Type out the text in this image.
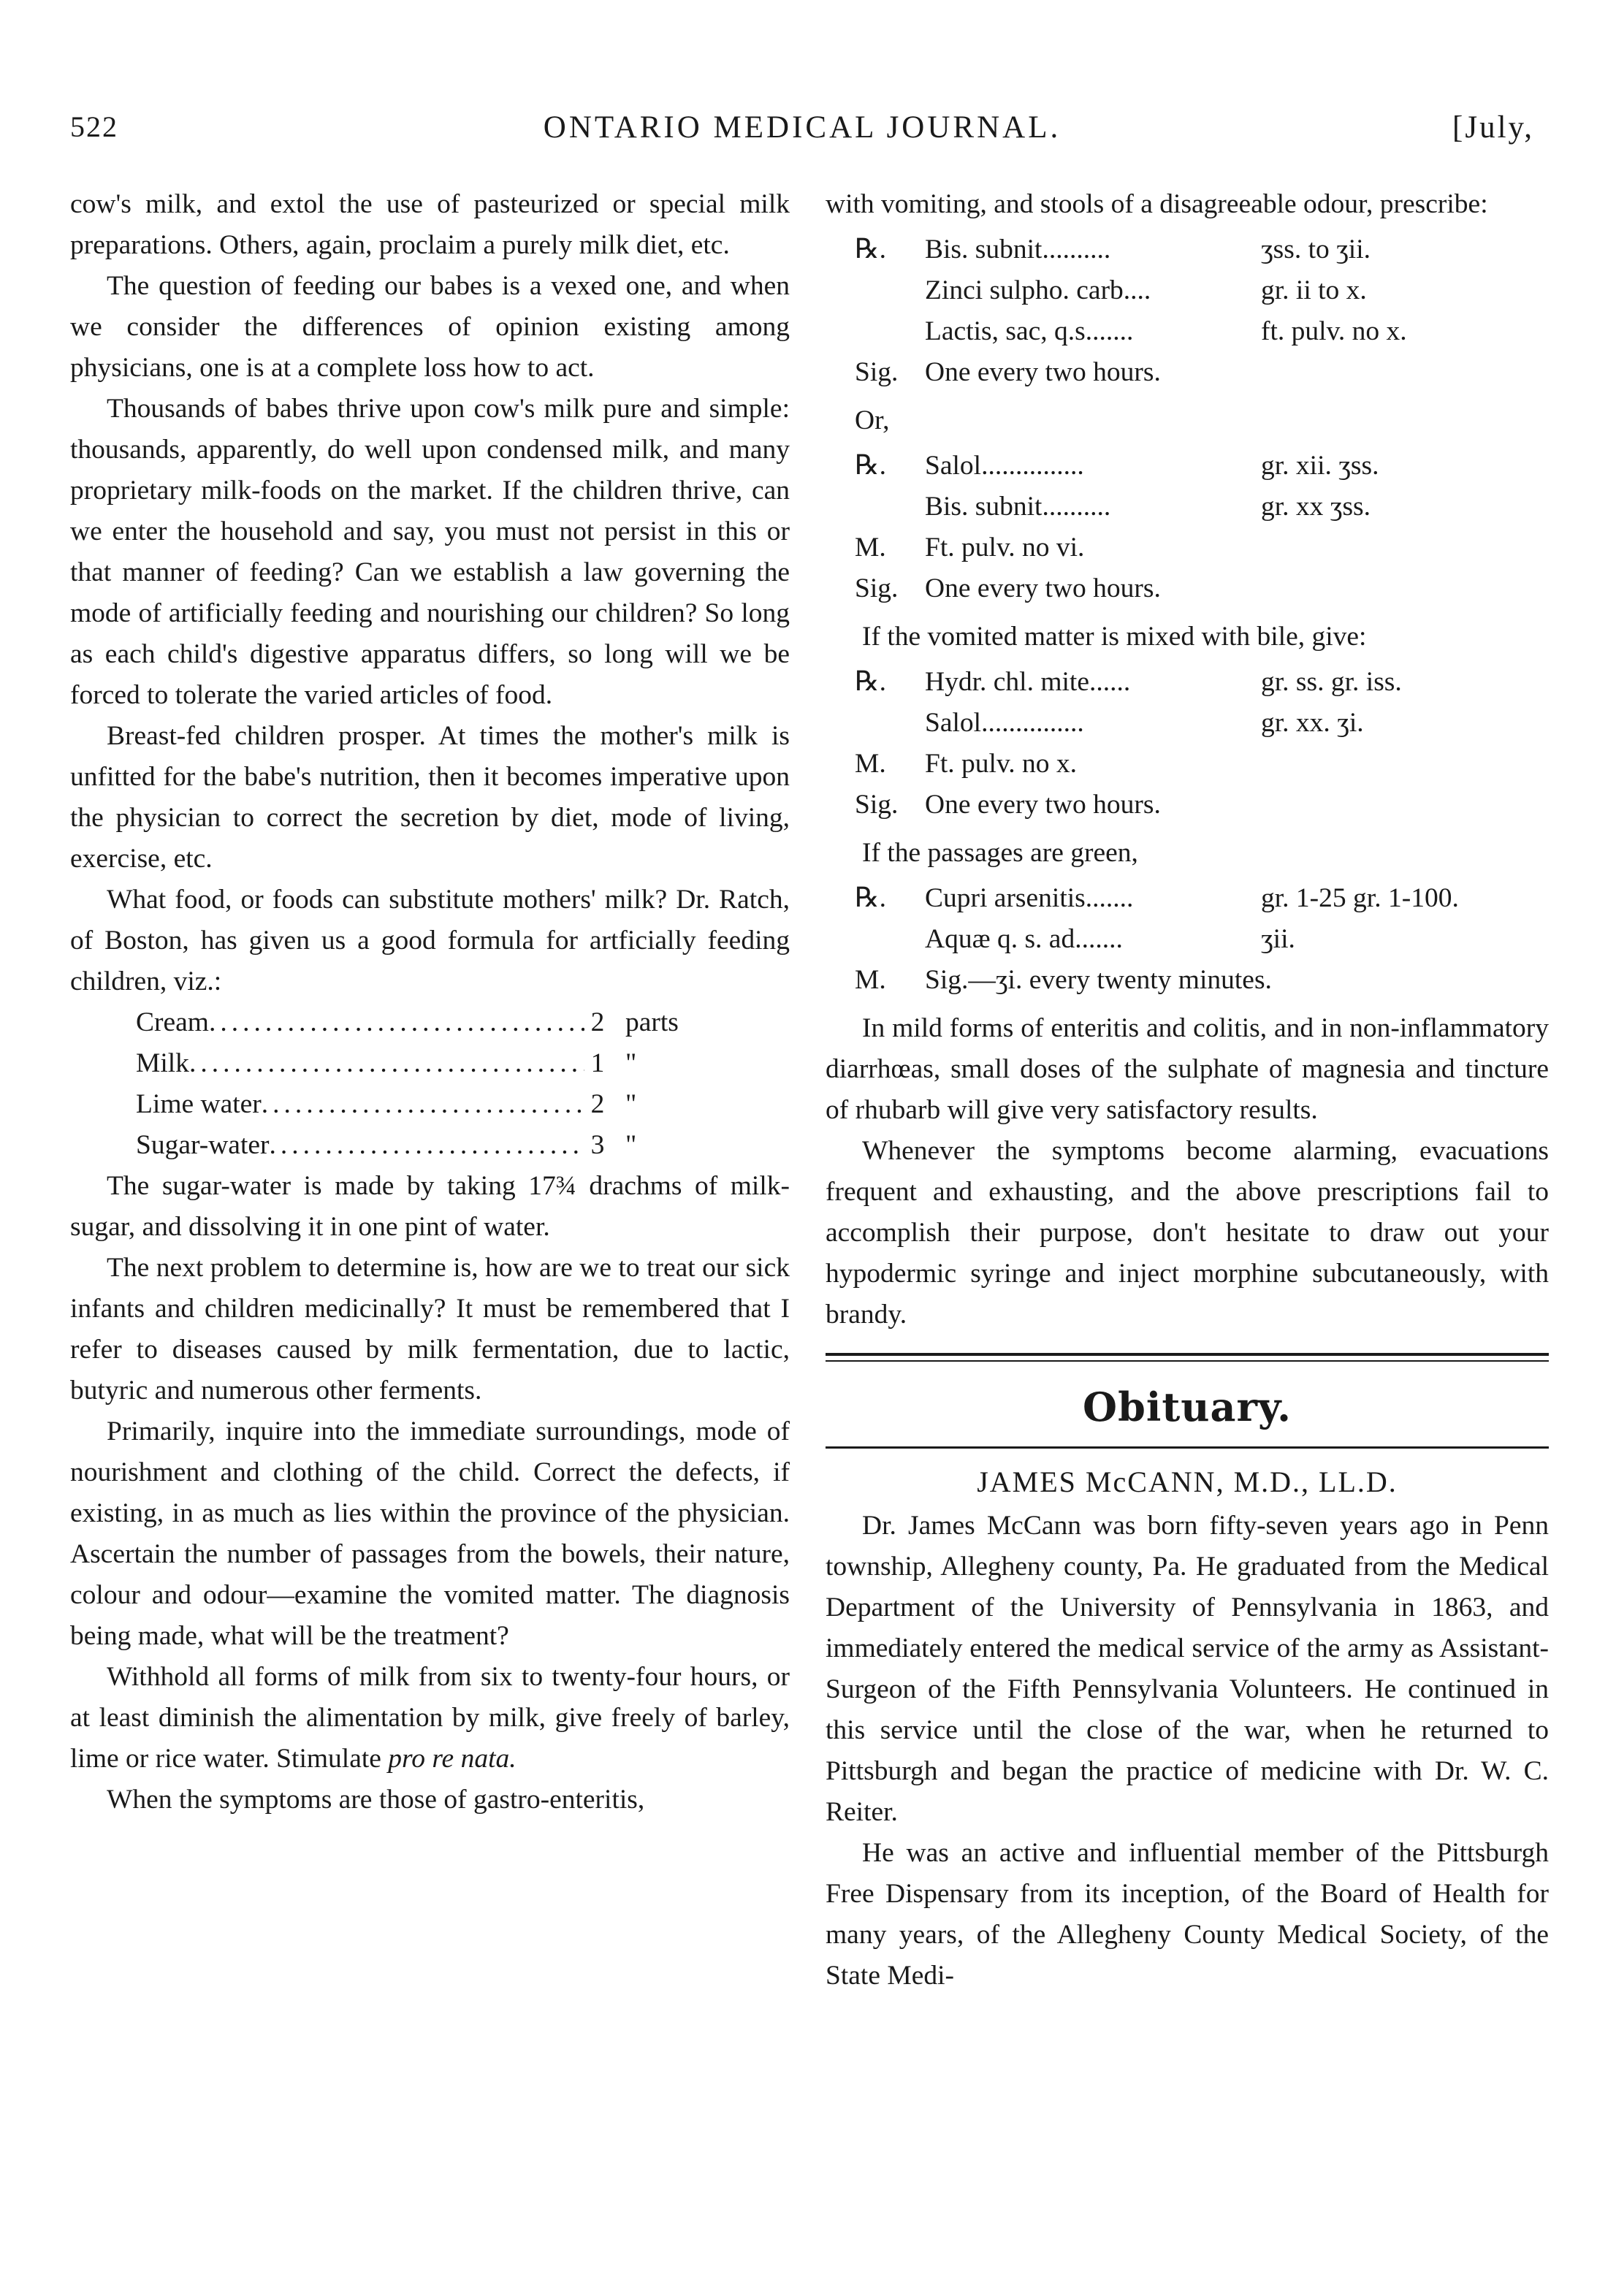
522	ONTARIO MEDICAL JOURNAL.	[July,

cow's milk, and extol the use of pasteurized or special milk preparations. Others, again, proclaim a purely milk diet, etc.

The question of feeding our babes is a vexed one, and when we consider the differences of opinion existing among physicians, one is at a complete loss how to act.

Thousands of babes thrive upon cow's milk pure and simple: thousands, apparently, do well upon condensed milk, and many proprietary milk-foods on the market. If the children thrive, can we enter the household and say, you must not persist in this or that manner of feeding? Can we establish a law governing the mode of artificially feeding and nourishing our children? So long as each child's digestive apparatus differs, so long will we be forced to tolerate the varied articles of food.

Breast-fed children prosper. At times the mother's milk is unfitted for the babe's nutrition, then it becomes imperative upon the physician to correct the secretion by diet, mode of living, exercise, etc.

What food, or foods can substitute mothers' milk? Dr. Ratch, of Boston, has given us a good formula for artficially feeding children, viz.:

Cream .....	2 parts
Milk .....	1 "
Lime water .....	2 "
Sugar-water .....	3 "

The sugar-water is made by taking 17¾ drachms of milk-sugar, and dissolving it in one pint of water.

The next problem to determine is, how are we to treat our sick infants and children medicinally? It must be remembered that I refer to diseases caused by milk fermentation, due to lactic, butyric and numerous other ferments.

Primarily, inquire into the immediate surroundings, mode of nourishment and clothing of the child. Correct the defects, if existing, in as much as lies within the province of the physician. Ascertain the number of passages from the bowels, their nature, colour and odour—examine the vomited matter. The diagnosis being made, what will be the treatment?

Withhold all forms of milk from six to twenty-four hours, or at least diminish the alimentation by milk, give freely of barley, lime or rice water. Stimulate pro re nata.

When the symptoms are those of gastro-enteritis,

with vomiting, and stools of a disagreeable odour, prescribe:

℞.	Bis. subnit..........	ʒss. to ʒii.
Zinci sulpho. carb....	gr. ii to x.
Lactis, sac, q.s.......	ft. pulv. no x.
Sig. One every two hours.
Or,
℞.	Salol...............	gr. xii. ʒss.
Bis. subnit..........	gr. xx ʒss.
M.	Ft. pulv. no vi.
Sig. One every two hours.

If the vomited matter is mixed with bile, give:

℞.	Hydr. chl. mite......	gr. ss. gr. iss.
Salol...............	gr. xx. ʒi.
M.	Ft. pulv. no x.
Sig. One every two hours.

If the passages are green,

℞.	Cupri arsenitis.......	gr. 1-25 gr. 1-100.
Aquæ q. s. ad.......	ʒii.
M.	Sig.—ʒi. every twenty minutes.

In mild forms of enteritis and colitis, and in non-inflammatory diarrhœas, small doses of the sulphate of magnesia and tincture of rhubarb will give very satisfactory results.

Whenever the symptoms become alarming, evacuations frequent and exhausting, and the above prescriptions fail to accomplish their purpose, don't hesitate to draw out your hypodermic syringe and inject morphine subcutaneously, with brandy.

Obituary.
JAMES McCANN, M.D., LL.D.

Dr. James McCann was born fifty-seven years ago in Penn township, Allegheny county, Pa. He graduated from the Medical Department of the University of Pennsylvania in 1863, and immediately entered the medical service of the army as Assistant-Surgeon of the Fifth Pennsylvania Volunteers. He continued in this service until the close of the war, when he returned to Pittsburgh and began the practice of medicine with Dr. W. C. Reiter.

He was an active and influential member of the Pittsburgh Free Dispensary from its inception, of the Board of Health for many years, of the Allegheny County Medical Society, of the State Medi-
